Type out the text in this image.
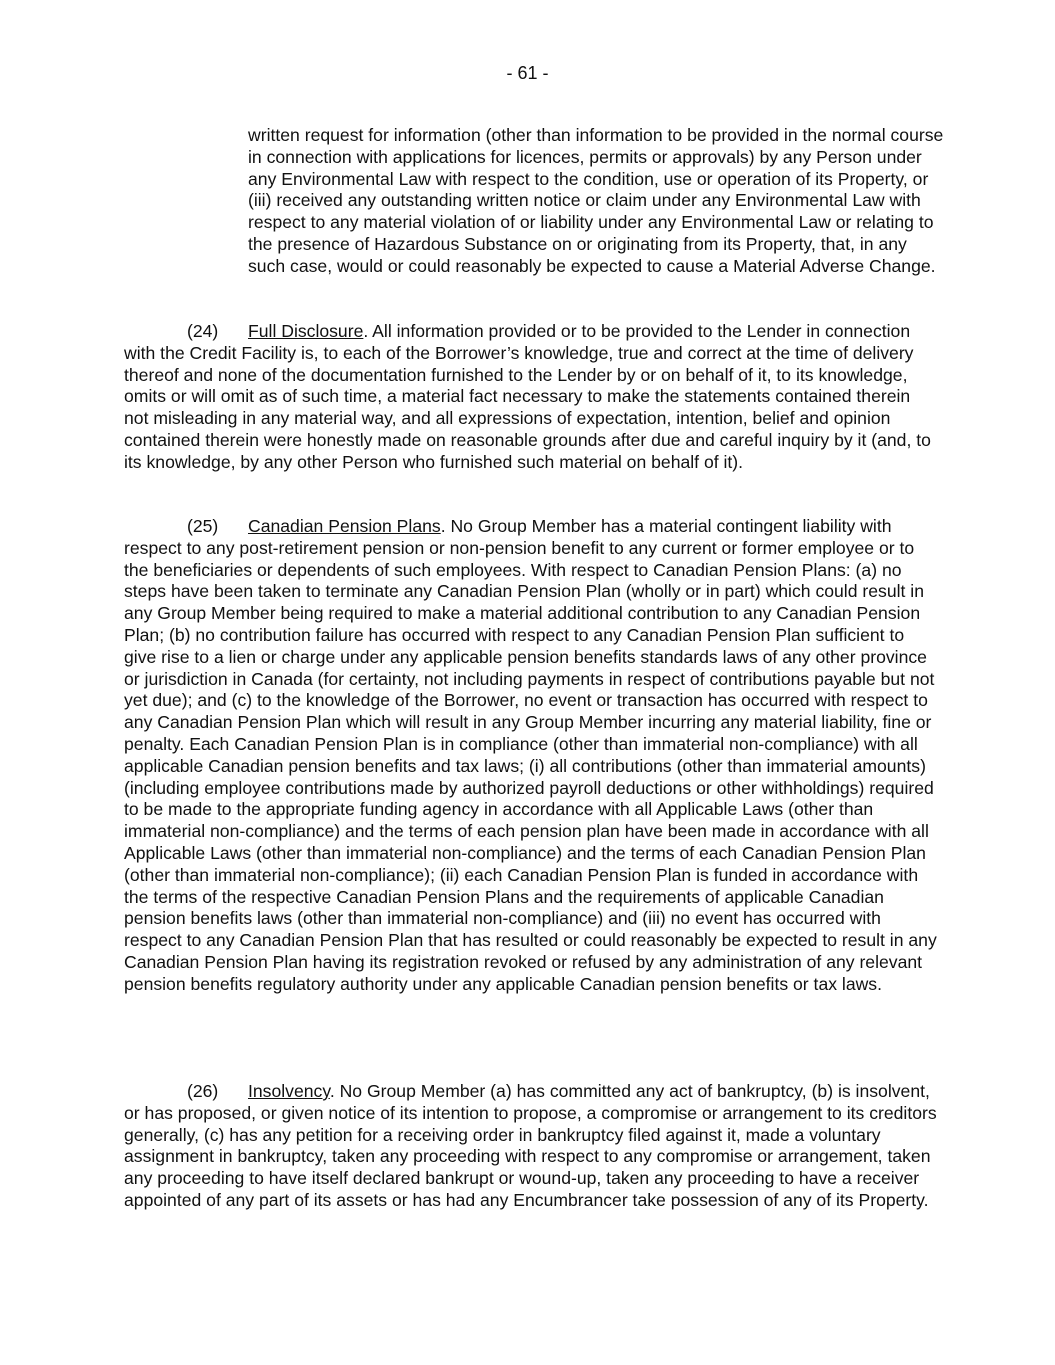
- 61 -

written request for information (other than information to be provided in the normal course in connection with applications for licences, permits or approvals) by any Person under any Environmental Law with respect to the condition, use or operation of its Property, or (iii) received any outstanding written notice or claim under any Environmental Law with respect to any material violation of or liability under any Environmental Law or relating to the presence of Hazardous Substance on or originating from its Property, that, in any such case, would or could reasonably be expected to cause a Material Adverse Change.

(24) Full Disclosure. All information provided or to be provided to the Lender in connection with the Credit Facility is, to each of the Borrower’s knowledge, true and correct at the time of delivery thereof and none of the documentation furnished to the Lender by or on behalf of it, to its knowledge, omits or will omit as of such time, a material fact necessary to make the statements contained therein not misleading in any material way, and all expressions of expectation, intention, belief and opinion contained therein were honestly made on reasonable grounds after due and careful inquiry by it (and, to its knowledge, by any other Person who furnished such material on behalf of it).

(25) Canadian Pension Plans. No Group Member has a material contingent liability with respect to any post-retirement pension or non-pension benefit to any current or former employee or to the beneficiaries or dependents of such employees. With respect to Canadian Pension Plans: (a) no steps have been taken to terminate any Canadian Pension Plan (wholly or in part) which could result in any Group Member being required to make a material additional contribution to any Canadian Pension Plan; (b) no contribution failure has occurred with respect to any Canadian Pension Plan sufficient to give rise to a lien or charge under any applicable pension benefits standards laws of any other province or jurisdiction in Canada (for certainty, not including payments in respect of contributions payable but not yet due); and (c) to the knowledge of the Borrower, no event or transaction has occurred with respect to any Canadian Pension Plan which will result in any Group Member incurring any material liability, fine or penalty. Each Canadian Pension Plan is in compliance (other than immaterial non-compliance) with all applicable Canadian pension benefits and tax laws; (i) all contributions (other than immaterial amounts) (including employee contributions made by authorized payroll deductions or other withholdings) required to be made to the appropriate funding agency in accordance with all Applicable Laws (other than immaterial non-compliance) and the terms of each pension plan have been made in accordance with all Applicable Laws (other than immaterial non-compliance) and the terms of each Canadian Pension Plan (other than immaterial non-compliance); (ii) each Canadian Pension Plan is funded in accordance with the terms of the respective Canadian Pension Plans and the requirements of applicable Canadian pension benefits laws (other than immaterial non-compliance) and (iii) no event has occurred with respect to any Canadian Pension Plan that has resulted or could reasonably be expected to result in any Canadian Pension Plan having its registration revoked or refused by any administration of any relevant pension benefits regulatory authority under any applicable Canadian pension benefits or tax laws.

(26) Insolvency. No Group Member (a) has committed any act of bankruptcy, (b) is insolvent, or has proposed, or given notice of its intention to propose, a compromise or arrangement to its creditors generally, (c) has any petition for a receiving order in bankruptcy filed against it, made a voluntary assignment in bankruptcy, taken any proceeding with respect to any compromise or arrangement, taken any proceeding to have itself declared bankrupt or wound-up, taken any proceeding to have a receiver appointed of any part of its assets or has had any Encumbrancer take possession of any of its Property.
